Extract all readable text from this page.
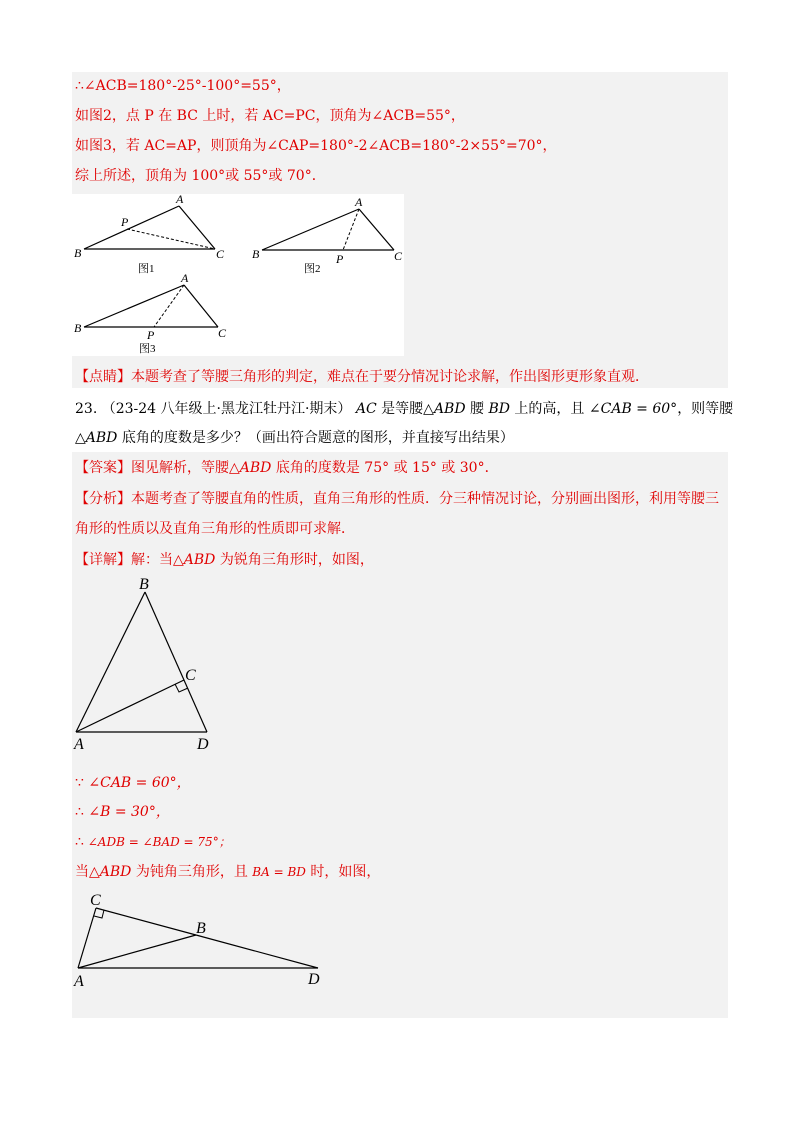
∴∠ACB=180°-25°-100°=55°，
如图2，点 P 在 BC 上时，若 AC=PC，顶角为∠ACB=55°，
如图3，若 AC=AP，则顶角为∠CAP=180°-2∠ACB=180°-2×55°=70°，
综上所述，顶角为 100°或 55°或 70°．
A
B	C
P
图1
A
B	C
P
图2
A
B	C
P
图3
【点睛】本题考查了等腰三角形的判定，难点在于要分情况讨论求解，作出图形更形象直观．
23. （23-24 八年级上·黑龙江牡丹江·期末） AC 是等腰△ABD 腰 BD 上的高，且 ∠CAB = 60°，则等腰
△ABD 底角的度数是多少？（画出符合题意的图形，并直接写出结果）
【答案】图见解析，等腰△ABD 底角的度数是 75° 或 15° 或 30°．
【分析】本题考查了等腰直角的性质，直角三角形的性质．分三种情况讨论，分别画出图形，利用等腰三
角形的性质以及直角三角形的性质即可求解．
【详解】解：当△ABD 为锐角三角形时，如图，
B
C
A	D
∵ ∠CAB = 60°，
∴ ∠B = 30°，
∴ ∠ADB = ∠BAD = 75°；
当△ABD 为钝角三角形，且 BA = BD 时，如图，
C
B
A	D
